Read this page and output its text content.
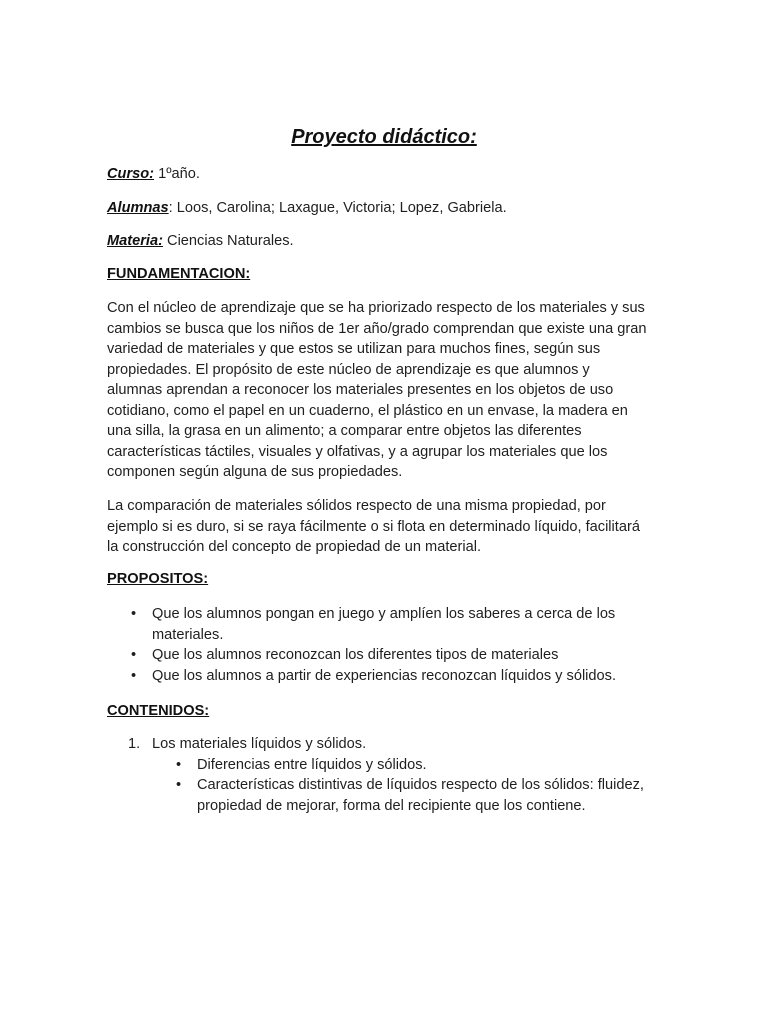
Proyecto didáctico:
Curso: 1ºaño.
Alumnas: Loos, Carolina; Laxague, Victoria; Lopez, Gabriela.
Materia: Ciencias Naturales.
FUNDAMENTACION:

Con el núcleo de aprendizaje que se ha priorizado respecto de los materiales y sus cambios se busca que los niños de 1er año/grado comprendan que existe una gran variedad de materiales y que estos se utilizan para muchos fines, según sus propiedades. El propósito de este núcleo de aprendizaje es que alumnos y alumnas aprendan a reconocer los materiales presentes en los objetos de uso cotidiano, como el papel en un cuaderno, el plástico en un envase, la madera en una silla, la grasa en un alimento; a comparar entre objetos las diferentes características táctiles, visuales y olfativas, y a agrupar los materiales que los componen según alguna de sus propiedades.

La comparación de materiales sólidos respecto de una misma propiedad, por ejemplo si es duro, si se raya fácilmente o si flota en determinado líquido, facilitará la construcción del concepto de propiedad de un material.

PROPOSITOS:
• Que los alumnos pongan en juego y amplíen los saberes a cerca de los materiales.
• Que los alumnos reconozcan los diferentes tipos de materiales
• Que los alumnos a partir de experiencias reconozcan líquidos y sólidos.
CONTENIDOS:
1. Los materiales líquidos y sólidos.
• Diferencias entre líquidos y sólidos.
• Características distintivas de líquidos respecto de los sólidos: fluidez, propiedad de mejorar, forma del recipiente que los contiene.
